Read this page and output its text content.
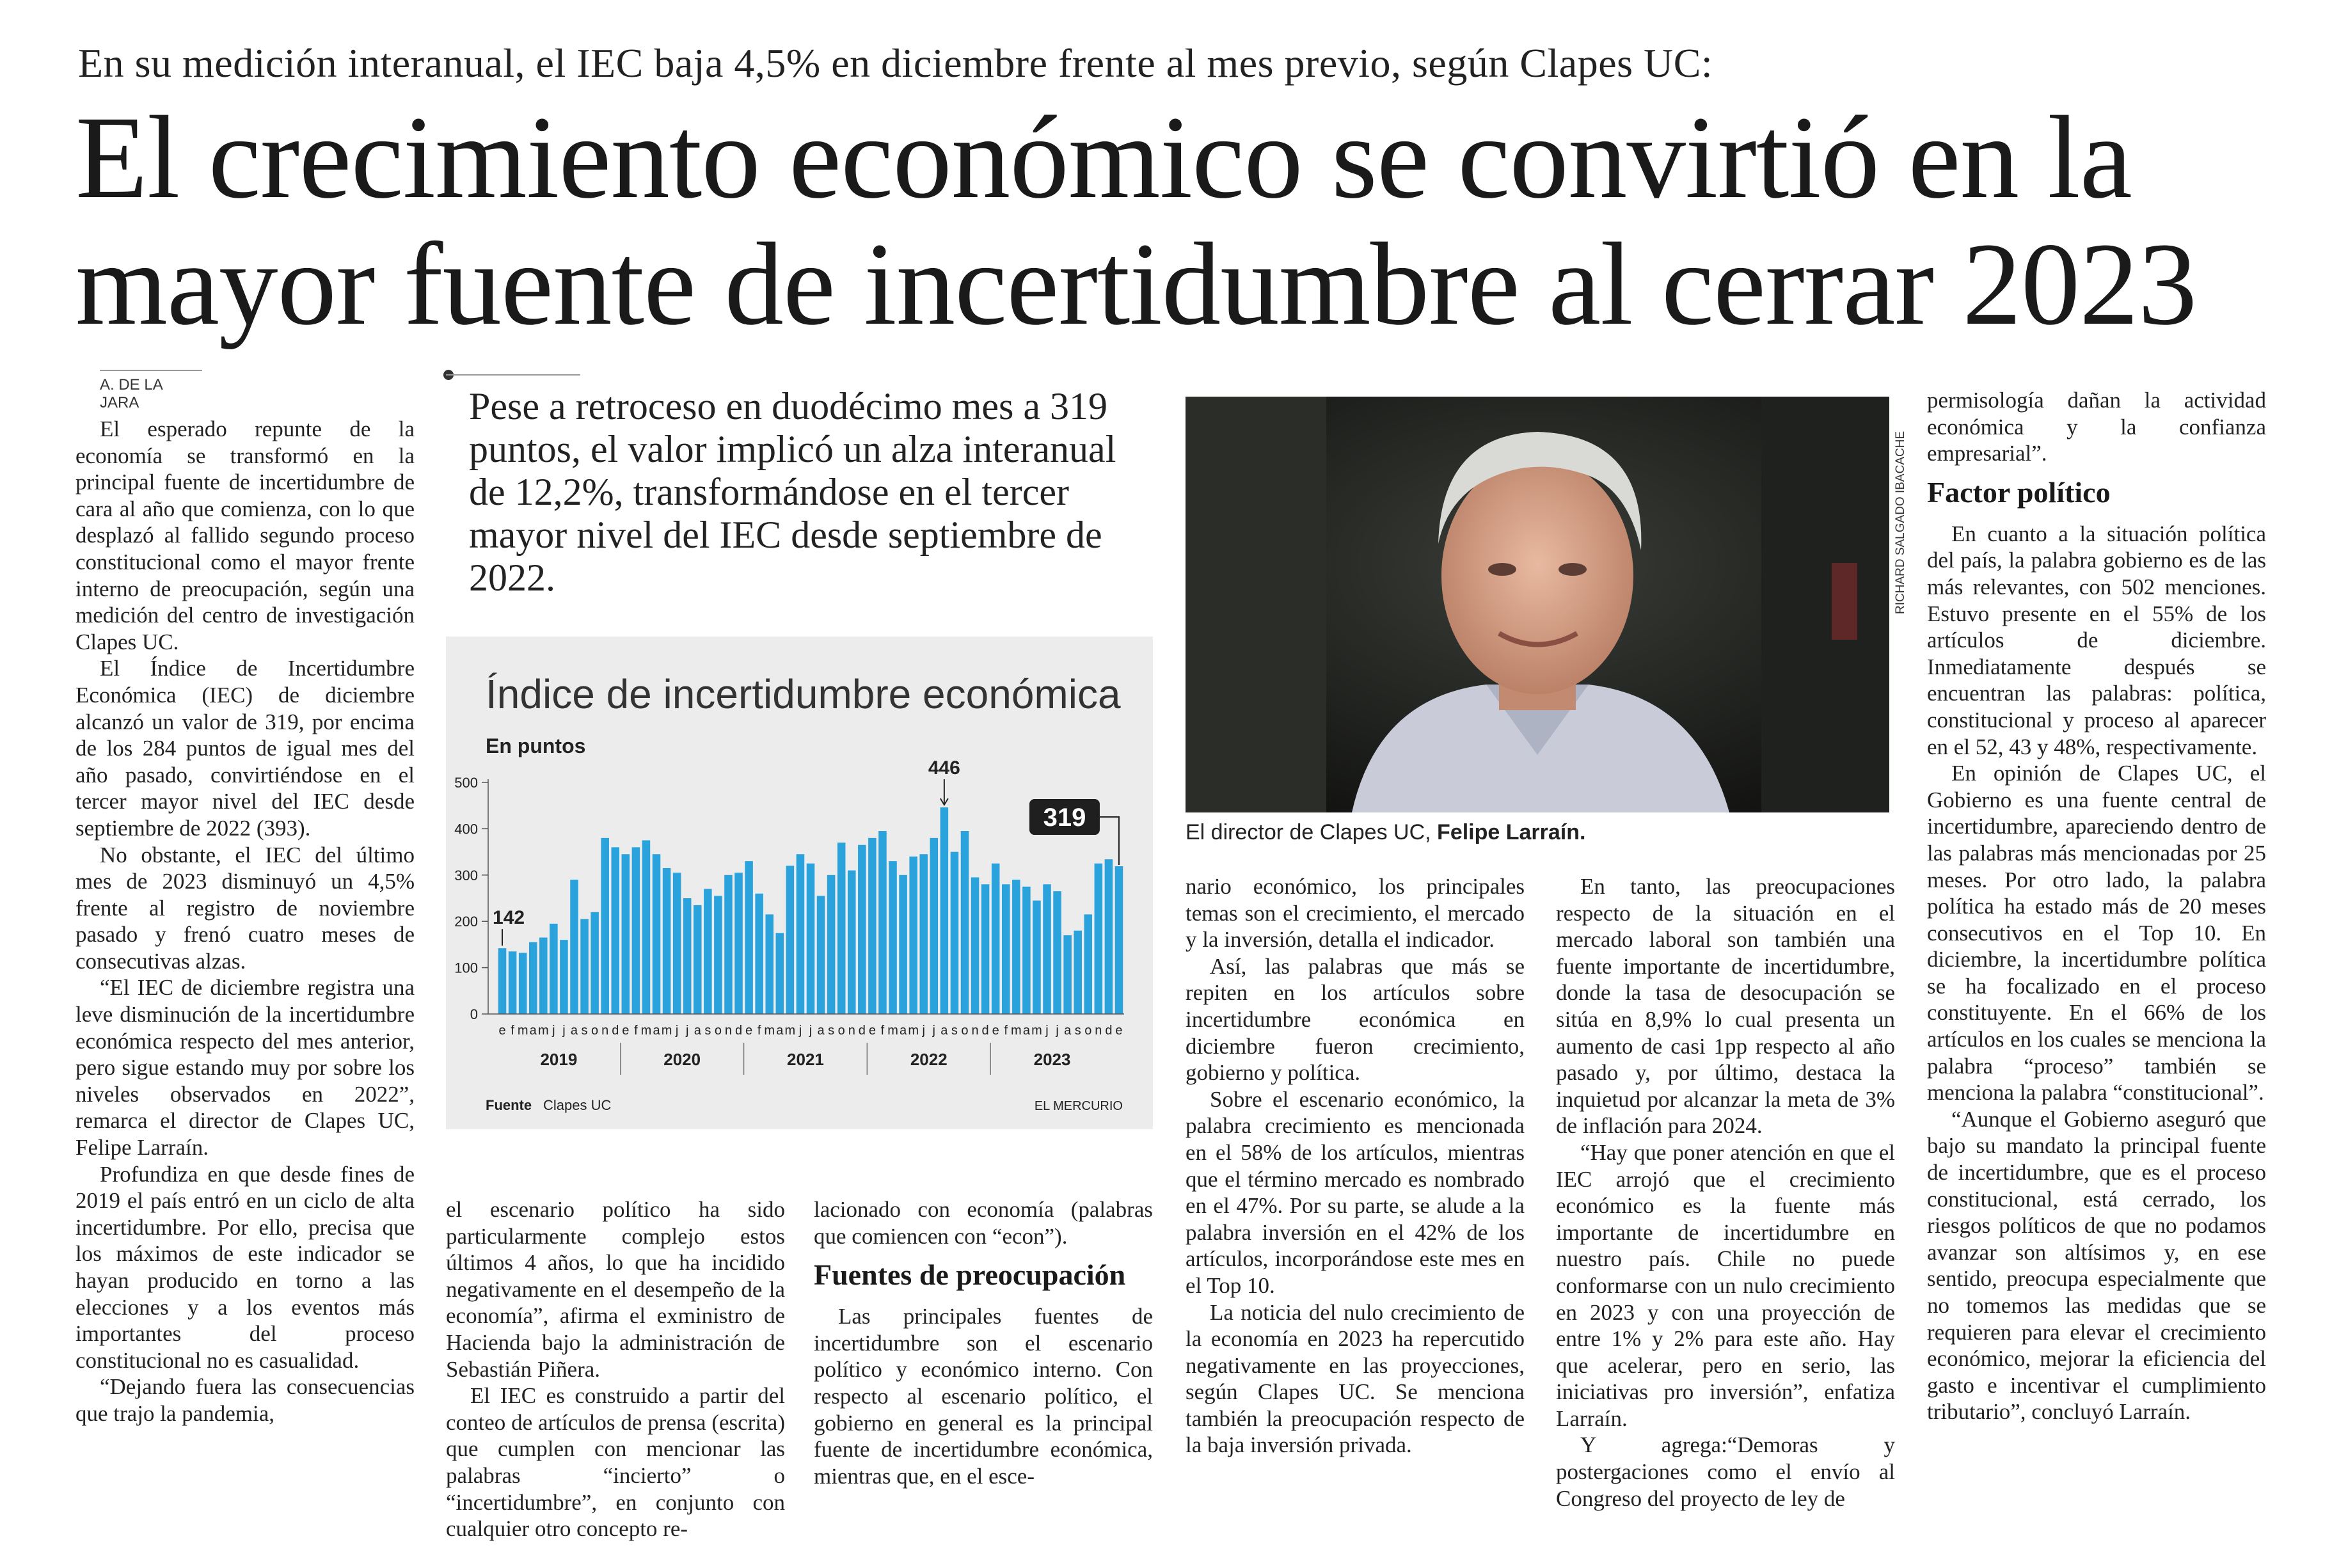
En su medición interanual, el IEC baja 4,5% en diciembre frente al mes previo, según Clapes UC:
El crecimiento económico se convirtió en la mayor fuente de incertidumbre al cerrar 2023
A. DE LA JARA

El esperado repunte de la economía se transformó en la principal fuente de incertidumbre de cara al año que comienza, con lo que desplazó al fallido segundo proceso constitucional como el mayor frente interno de preocupación, según una medición del centro de investigación Clapes UC.

El Índice de Incertidumbre Económica (IEC) de diciembre alcanzó un valor de 319, por encima de los 284 puntos de igual mes del año pasado, convirtiéndose en el tercer mayor nivel del IEC desde septiembre de 2022 (393).

No obstante, el IEC del último mes de 2023 disminuyó un 4,5% frente al registro de noviembre pasado y frenó cuatro meses de consecutivas alzas.

“El IEC de diciembre registra una leve disminución de la incertidumbre económica respecto del mes anterior, pero sigue estando muy por sobre los niveles observados en 2022”, remarca el director de Clapes UC, Felipe Larraín.

Profundiza en que desde fines de 2019 el país entró en un ciclo de alta incertidumbre. Por ello, precisa que los máximos de este indicador se hayan producido en torno a las elecciones y a los eventos más importantes del proceso constitucional no es casualidad.

“Dejando fuera las consecuencias que trajo la pandemia,

Pese a retroceso en duodécimo mes a 319 puntos, el valor implicó un alza interanual de 12,2%, transformándose en el tercer mayor nivel del IEC desde septiembre de 2022.
Índice de incertidumbre económica
En puntos
0
100
200
300
400
500
e f m a m j j a s o n d e f m a m j j a s o n d e f m a m j j a s o n d e f m a m j j a s o n d e f m a m j j a s o n d e
2019	2020	2021	2022	2023
142
446
319
Fuente Clapes UC	EL MERCURIO

el escenario político ha sido particularmente complejo estos últimos 4 años, lo que ha incidido negativamente en el desempeño de la economía”, afirma el exministro de Hacienda bajo la administración de Sebastián Piñera.

El IEC es construido a partir del conteo de artículos de prensa (escrita) que cumplen con mencionar las palabras “incierto” o “incertidumbre”, en conjunto con cualquier otro concepto re-

lacionado con economía (palabras que comiencen con “econ”).

Fuentes de preocupación

Las principales fuentes de incertidumbre son el escenario político y económico interno. Con respecto al escenario político, el gobierno en general es la principal fuente de incertidumbre económica, mientras que, en el esce-

RICHARD SALGADO IBACACHE
El director de Clapes UC, Felipe Larraín.

nario económico, los principales temas son el crecimiento, el mercado y la inversión, detalla el indicador.

Así, las palabras que más se repiten en los artículos sobre incertidumbre económica en diciembre fueron crecimiento, gobierno y política.

Sobre el escenario económico, la palabra crecimiento es mencionada en el 58% de los artículos, mientras que el término mercado es nombrado en el 47%. Por su parte, se alude a la palabra inversión en el 42% de los artículos, incorporándose este mes en el Top 10.

La noticia del nulo crecimiento de la economía en 2023 ha repercutido negativamente en las proyecciones, según Clapes UC. Se menciona también la preocupación respecto de la baja inversión privada.

En tanto, las preocupaciones respecto de la situación en el mercado laboral son también una fuente importante de incertidumbre, donde la tasa de desocupación se sitúa en 8,9% lo cual presenta un aumento de casi 1pp respecto al año pasado y, por último, destaca la inquietud por alcanzar la meta de 3% de inflación para 2024.

“Hay que poner atención en que el IEC arrojó que el crecimiento económico es la fuente más importante de incertidumbre en nuestro país. Chile no puede conformarse con un nulo crecimiento en 2023 y con una proyección de entre 1% y 2% para este año. Hay que acelerar, pero en serio, las iniciativas pro inversión”, enfatiza Larraín.

Y agrega:“Demoras y postergaciones como el envío al Congreso del proyecto de ley de

permisología dañan la actividad económica y la confianza empresarial”.

Factor político

En cuanto a la situación política del país, la palabra gobierno es de las más relevantes, con 502 menciones. Estuvo presente en el 55% de los artículos de diciembre. Inmediatamente después se encuentran las palabras: política, constitucional y proceso al aparecer en el 52, 43 y 48%, respectivamente.

En opinión de Clapes UC, el Gobierno es una fuente central de incertidumbre, apareciendo dentro de las palabras más mencionadas por 25 meses. Por otro lado, la palabra política ha estado más de 20 meses consecutivos en el Top 10. En diciembre, la incertidumbre política se ha focalizado en el proceso constituyente. En el 66% de los artículos en los cuales se menciona la palabra “proceso” también se menciona la palabra “constitucional”.

“Aunque el Gobierno aseguró que bajo su mandato la principal fuente de incertidumbre, que es el proceso constitucional, está cerrado, los riesgos políticos de que no podamos avanzar son altísimos y, en ese sentido, preocupa especialmente que no tomemos las medidas que se requieren para elevar el crecimiento económico, mejorar la eficiencia del gasto e incentivar el cumplimiento tributario”, concluyó Larraín.
